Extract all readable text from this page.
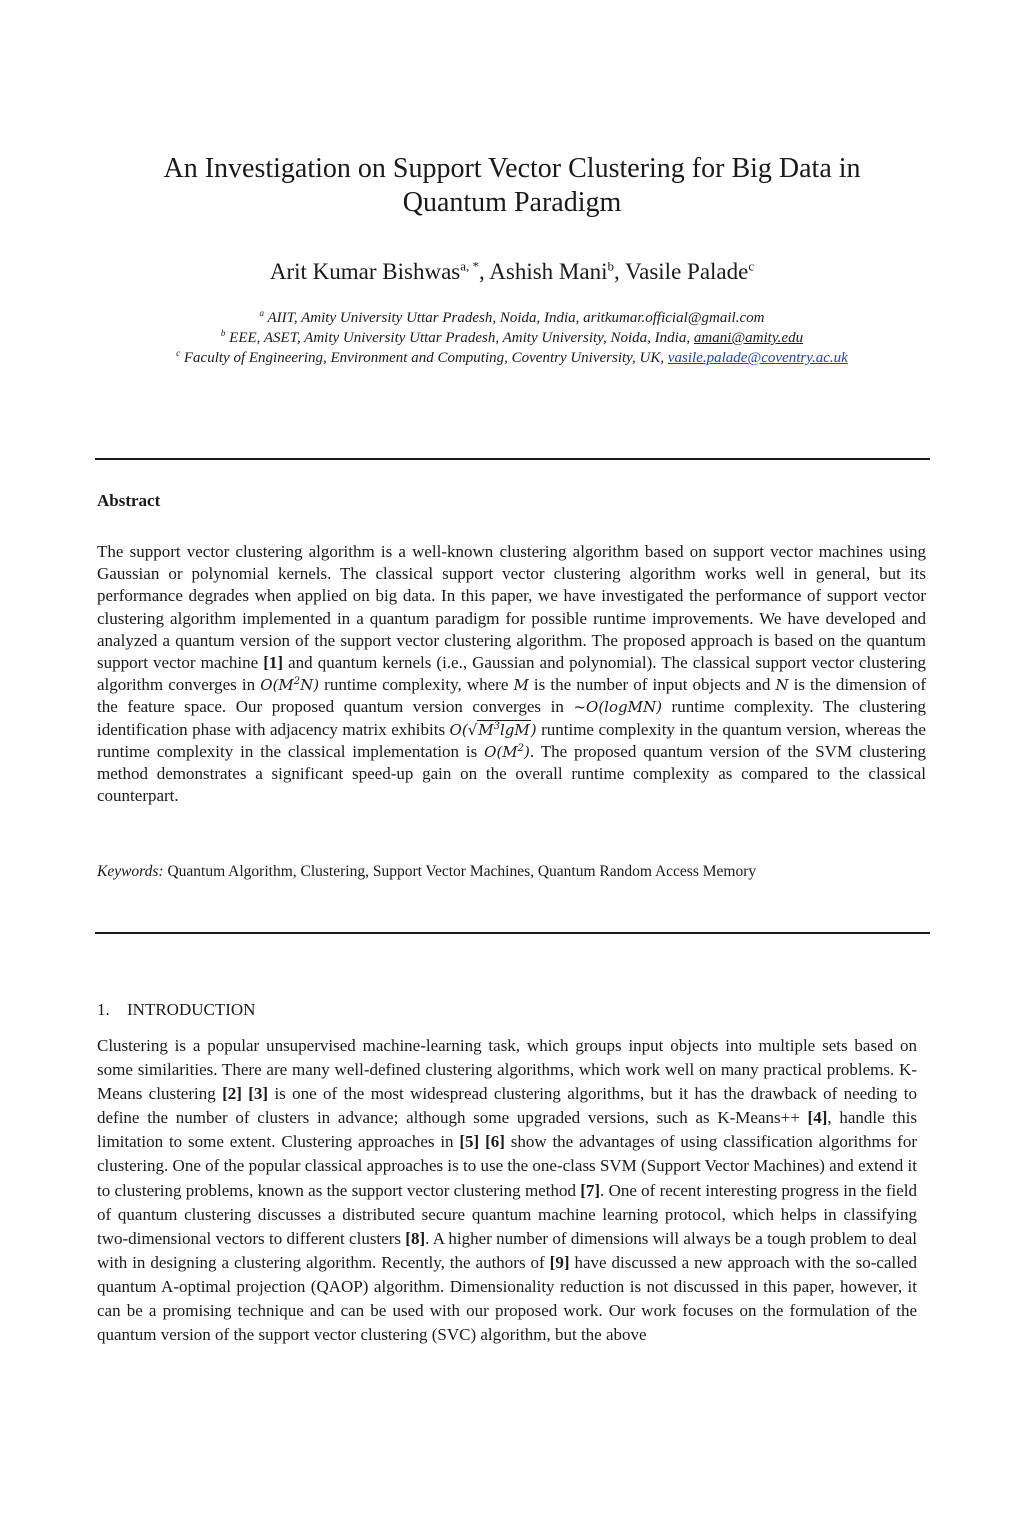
An Investigation on Support Vector Clustering for Big Data in
Quantum Paradigm
Arit Kumar Bishwas$^{a, *}$, Ashish Mani$^b$, Vasile Palade$^c$
$^a$ AIIT, Amity University Uttar Pradesh, Noida, India, aritkumar.official@gmail.com
$^b$ EEE, ASET, Amity University Uttar Pradesh, Amity University, Noida, India, amani@amity.edu
$^c$ Faculty of Engineering, Environment and Computing, Coventry University, UK, vasile.palade@coventry.ac.uk
Abstract
The support vector clustering algorithm is a well-known clustering algorithm based on support vector machines using Gaussian or polynomial kernels. The classical support vector clustering algorithm works well in general, but its performance degrades when applied on big data. In this paper, we have investigated the performance of support vector clustering algorithm implemented in a quantum paradigm for possible runtime improvements. We have developed and analyzed a quantum version of the support vector clustering algorithm. The proposed approach is based on the quantum support vector machine [1] and quantum kernels (i.e., Gaussian and polynomial). The classical support vector clustering algorithm converges in $O(M^2N)$ runtime complexity, where M is the number of input objects and N is the dimension of the feature space. Our proposed quantum version converges in ~O(logMN) runtime complexity. The clustering identification phase with adjacency matrix exhibits $O(√M^3\lg M)$ runtime complexity in the quantum version, whereas the runtime complexity in the classical implementation is $O(M^2)$. The proposed quantum version of the SVM clustering method demonstrates a significant speed-up gain on the overall runtime complexity as compared to the classical counterpart.
Keywords: Quantum Algorithm, Clustering, Support Vector Machines, Quantum Random Access Memory
1. INTRODUCTION
Clustering is a popular unsupervised machine-learning task, which groups input objects into multiple sets based on some similarities. There are many well-defined clustering algorithms, which work well on many practical problems. K-Means clustering [2] [3] is one of the most widespread clustering algorithms, but it has the drawback of needing to define the number of clusters in advance; although some upgraded versions, such as K-Means++ [4], handle this limitation to some extent. Clustering approaches in [5] [6] show the advantages of using classification algorithms for clustering. One of the popular classical approaches is to use the one-class SVM (Support Vector Machines) and extend it to clustering problems, known as the support vector clustering method [7]. One of recent interesting progress in the field of quantum clustering discusses a distributed secure quantum machine learning protocol, which helps in classifying two-dimensional vectors to different clusters [8]. A higher number of dimensions will always be a tough problem to deal with in designing a clustering algorithm. Recently, the authors of [9] have discussed a new approach with the so-called quantum A-optimal projection (QAOP) algorithm. Dimensionality reduction is not discussed in this paper, however, it can be a promising technique and can be used with our proposed work. Our work focuses on the formulation of the quantum version of the support vector clustering (SVC) algorithm, but the above
